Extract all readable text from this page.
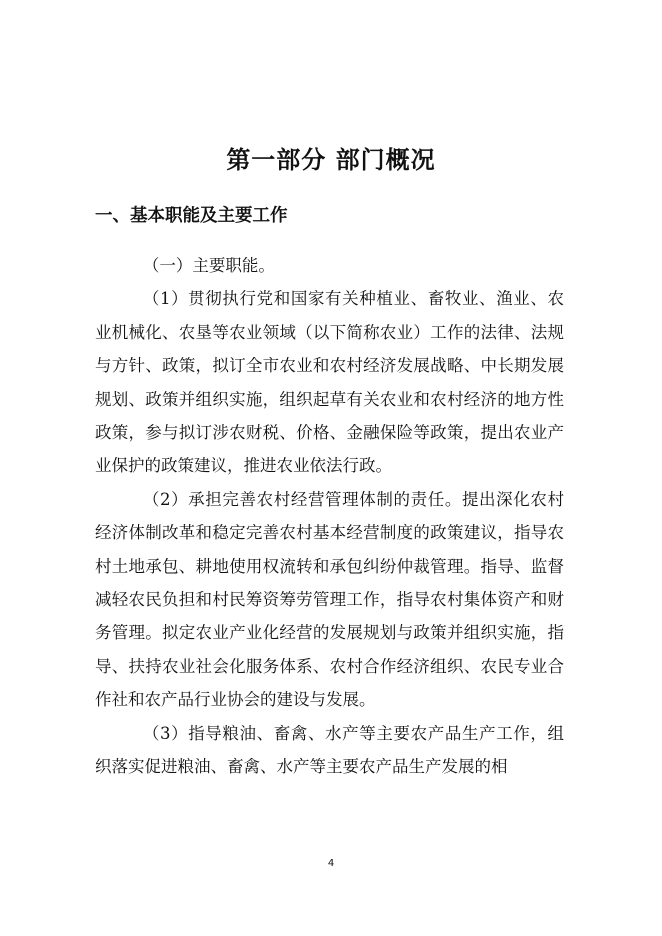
第一部分 部门概况
一、基本职能及主要工作

（一）主要职能。

（1）贯彻执行党和国家有关种植业、畜牧业、渔业、农业机械化、农垦等农业领域（以下简称农业）工作的法律、法规与方针、政策，拟订全市农业和农村经济发展战略、中长期发展规划、政策并组织实施，组织起草有关农业和农村经济的地方性政策，参与拟订涉农财税、价格、金融保险等政策，提出农业产业保护的政策建议，推进农业依法行政。

（2）承担完善农村经营管理体制的责任。提出深化农村经济体制改革和稳定完善农村基本经营制度的政策建议，指导农村土地承包、耕地使用权流转和承包纠纷仲裁管理。指导、监督减轻农民负担和村民筹资筹劳管理工作，指导农村集体资产和财务管理。拟定农业产业化经营的发展规划与政策并组织实施，指导、扶持农业社会化服务体系、农村合作经济组织、农民专业合作社和农产品行业协会的建设与发展。

（3）指导粮油、畜禽、水产等主要农产品生产工作，组织落实促进粮油、畜禽、水产等主要农产品生产发展的相

4
